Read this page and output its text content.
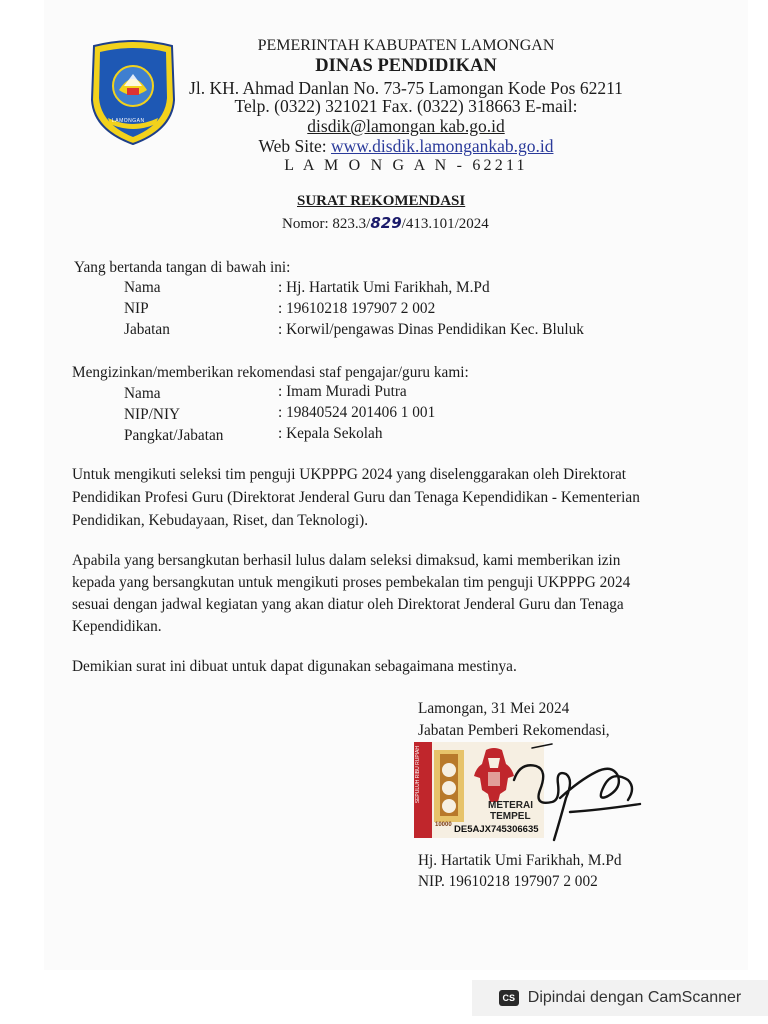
LAMONGAN
PEMERINTAH KABUPATEN LAMONGAN
DINAS PENDIDIKAN
Jl. KH. Ahmad Danlan No. 73-75 Lamongan Kode Pos 62211
Telp. (0322) 321021 Fax. (0322) 318663 E-mail:
disdik@lamongan kab.go.id
Web Site: www.disdik.lamongankab.go.id
L A M O N G A N - 62211
SURAT REKOMENDASI
Nomor: 823.3/829/413.101/2024
Yang bertanda tangan di bawah ini:
Nama	: Hj. Hartatik Umi Farikhah, M.Pd
NIP	: 19610218 197907 2 002
Jabatan	: Korwil/pengawas Dinas Pendidikan Kec. Bluluk
Mengizinkan/memberikan rekomendasi staf pengajar/guru kami:
Nama	: Imam Muradi Putra
NIP/NIY	: 19840524 201406 1 001
Pangkat/Jabatan	: Kepala Sekolah
Untuk mengikuti seleksi tim penguji UKPPPG 2024 yang diselenggarakan oleh Direktorat
Pendidikan Profesi Guru (Direktorat Jenderal Guru dan Tenaga Kependidikan - Kementerian
Pendidikan, Kebudayaan, Riset, dan Teknologi).
Apabila yang bersangkutan berhasil lulus dalam seleksi dimaksud, kami memberikan izin
kepada yang bersangkutan untuk mengikuti proses pembekalan tim penguji UKPPPG 2024
sesuai dengan jadwal kegiatan yang akan diatur oleh Direktorat Jenderal Guru dan Tenaga
Kependidikan.
Demikian surat ini dibuat untuk dapat digunakan sebagaimana mestinya.
Lamongan, 31 Mei 2024
Jabatan Pemberi Rekomendasi,
SEPULUH RIBU RUPIAH
10000
METERAI
TEMPEL
DE5AJX745306635
Hj. Hartatik Umi Farikhah, M.Pd
NIP. 19610218 197907 2 002
CS Dipindai dengan CamScanner
